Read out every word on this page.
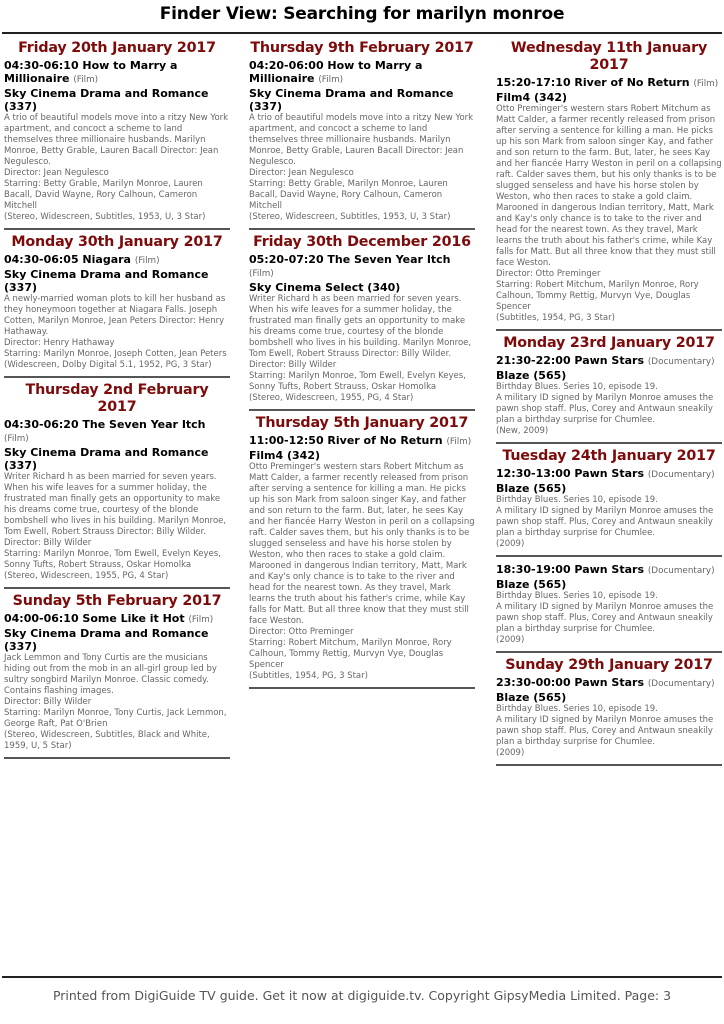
Finder View: Searching for marilyn monroe
Friday 20th January 2017
04:30-06:10 How to Marry a Millionaire (Film)
Sky Cinema Drama and Romance (337)
A trio of beautiful models move into a ritzy New York apartment, and concoct a scheme to land themselves three millionaire husbands. Marilyn Monroe, Betty Grable, Lauren Bacall Director: Jean Negulesco.
Director: Jean Negulesco
Starring: Betty Grable, Marilyn Monroe, Lauren Bacall, David Wayne, Rory Calhoun, Cameron Mitchell
(Stereo, Widescreen, Subtitles, 1953, U, 3 Star)
Monday 30th January 2017
04:30-06:05 Niagara (Film)
Sky Cinema Drama and Romance (337)
A newly-married woman plots to kill her husband as they honeymoon together at Niagara Falls. Joseph Cotten, Marilyn Monroe, Jean Peters Director: Henry Hathaway.
Director: Henry Hathaway
Starring: Marilyn Monroe, Joseph Cotten, Jean Peters
(Widescreen, Dolby Digital 5.1, 1952, PG, 3 Star)
Thursday 2nd February 2017
04:30-06:20 The Seven Year Itch (Film)
Sky Cinema Drama and Romance (337)
Writer Richard h as been married for seven years. When his wife leaves for a summer holiday, the frustrated man finally gets an opportunity to make his dreams come true, courtesy of the blonde bombshell who lives in his building. Marilyn Monroe, Tom Ewell, Robert Strauss Director: Billy Wilder.
Director: Billy Wilder
Starring: Marilyn Monroe, Tom Ewell, Evelyn Keyes, Sonny Tufts, Robert Strauss, Oskar Homolka
(Stereo, Widescreen, 1955, PG, 4 Star)
Sunday 5th February 2017
04:00-06:10 Some Like it Hot (Film)
Sky Cinema Drama and Romance (337)
Jack Lemmon and Tony Curtis are the musicians hiding out from the mob in an all-girl group led by sultry songbird Marilyn Monroe. Classic comedy. Contains flashing images.
Director: Billy Wilder
Starring: Marilyn Monroe, Tony Curtis, Jack Lemmon, George Raft, Pat O'Brien
(Stereo, Widescreen, Subtitles, Black and White, 1959, U, 5 Star)
Thursday 9th February 2017
04:20-06:00 How to Marry a Millionaire (Film)
Sky Cinema Drama and Romance (337)
A trio of beautiful models move into a ritzy New York apartment, and concoct a scheme to land themselves three millionaire husbands. Marilyn Monroe, Betty Grable, Lauren Bacall Director: Jean Negulesco.
Director: Jean Negulesco
Starring: Betty Grable, Marilyn Monroe, Lauren Bacall, David Wayne, Rory Calhoun, Cameron Mitchell
(Stereo, Widescreen, Subtitles, 1953, U, 3 Star)
Friday 30th December 2016
05:20-07:20 The Seven Year Itch (Film)
Sky Cinema Select (340)
Writer Richard h as been married for seven years. When his wife leaves for a summer holiday, the frustrated man finally gets an opportunity to make his dreams come true, courtesy of the blonde bombshell who lives in his building. Marilyn Monroe, Tom Ewell, Robert Strauss Director: Billy Wilder.
Director: Billy Wilder
Starring: Marilyn Monroe, Tom Ewell, Evelyn Keyes, Sonny Tufts, Robert Strauss, Oskar Homolka
(Stereo, Widescreen, 1955, PG, 4 Star)
Thursday 5th January 2017
11:00-12:50 River of No Return (Film)
Film4 (342)
Otto Preminger's western stars Robert Mitchum as Matt Calder, a farmer recently released from prison after serving a sentence for killing a man. He picks up his son Mark from saloon singer Kay, and father and son return to the farm. But, later, he sees Kay and her fiancée Harry Weston in peril on a collapsing raft. Calder saves them, but his only thanks is to be slugged senseless and have his horse stolen by Weston, who then races to stake a gold claim. Marooned in dangerous Indian territory, Matt, Mark and Kay's only chance is to take to the river and head for the nearest town. As they travel, Mark learns the truth about his father's crime, while Kay falls for Matt. But all three know that they must still face Weston.
Director: Otto Preminger
Starring: Robert Mitchum, Marilyn Monroe, Rory Calhoun, Tommy Rettig, Murvyn Vye, Douglas Spencer
(Subtitles, 1954, PG, 3 Star)
Wednesday 11th January 2017
15:20-17:10 River of No Return (Film)
Film4 (342)
Otto Preminger's western stars Robert Mitchum as Matt Calder, a farmer recently released from prison after serving a sentence for killing a man. He picks up his son Mark from saloon singer Kay, and father and son return to the farm. But, later, he sees Kay and her fiancée Harry Weston in peril on a collapsing raft. Calder saves them, but his only thanks is to be slugged senseless and have his horse stolen by Weston, who then races to stake a gold claim. Marooned in dangerous Indian territory, Matt, Mark and Kay's only chance is to take to the river and head for the nearest town. As they travel, Mark learns the truth about his father's crime, while Kay falls for Matt. But all three know that they must still face Weston.
Director: Otto Preminger
Starring: Robert Mitchum, Marilyn Monroe, Rory Calhoun, Tommy Rettig, Murvyn Vye, Douglas Spencer
(Subtitles, 1954, PG, 3 Star)
Monday 23rd January 2017
21:30-22:00 Pawn Stars (Documentary)
Blaze (565)
Birthday Blues. Series 10, episode 19.
A military ID signed by Marilyn Monroe amuses the pawn shop staff. Plus, Corey and Antwaun sneakily plan a birthday surprise for Chumlee.
(New, 2009)
Tuesday 24th January 2017
12:30-13:00 Pawn Stars (Documentary)
Blaze (565)
Birthday Blues. Series 10, episode 19.
A military ID signed by Marilyn Monroe amuses the pawn shop staff. Plus, Corey and Antwaun sneakily plan a birthday surprise for Chumlee.
(2009)
18:30-19:00 Pawn Stars (Documentary)
Blaze (565)
Birthday Blues. Series 10, episode 19.
A military ID signed by Marilyn Monroe amuses the pawn shop staff. Plus, Corey and Antwaun sneakily plan a birthday surprise for Chumlee.
(2009)
Sunday 29th January 2017
23:30-00:00 Pawn Stars (Documentary)
Blaze (565)
Birthday Blues. Series 10, episode 19.
A military ID signed by Marilyn Monroe amuses the pawn shop staff. Plus, Corey and Antwaun sneakily plan a birthday surprise for Chumlee.
(2009)
Printed from DigiGuide TV guide. Get it now at digiguide.tv. Copyright GipsyMedia Limited. Page: 3
